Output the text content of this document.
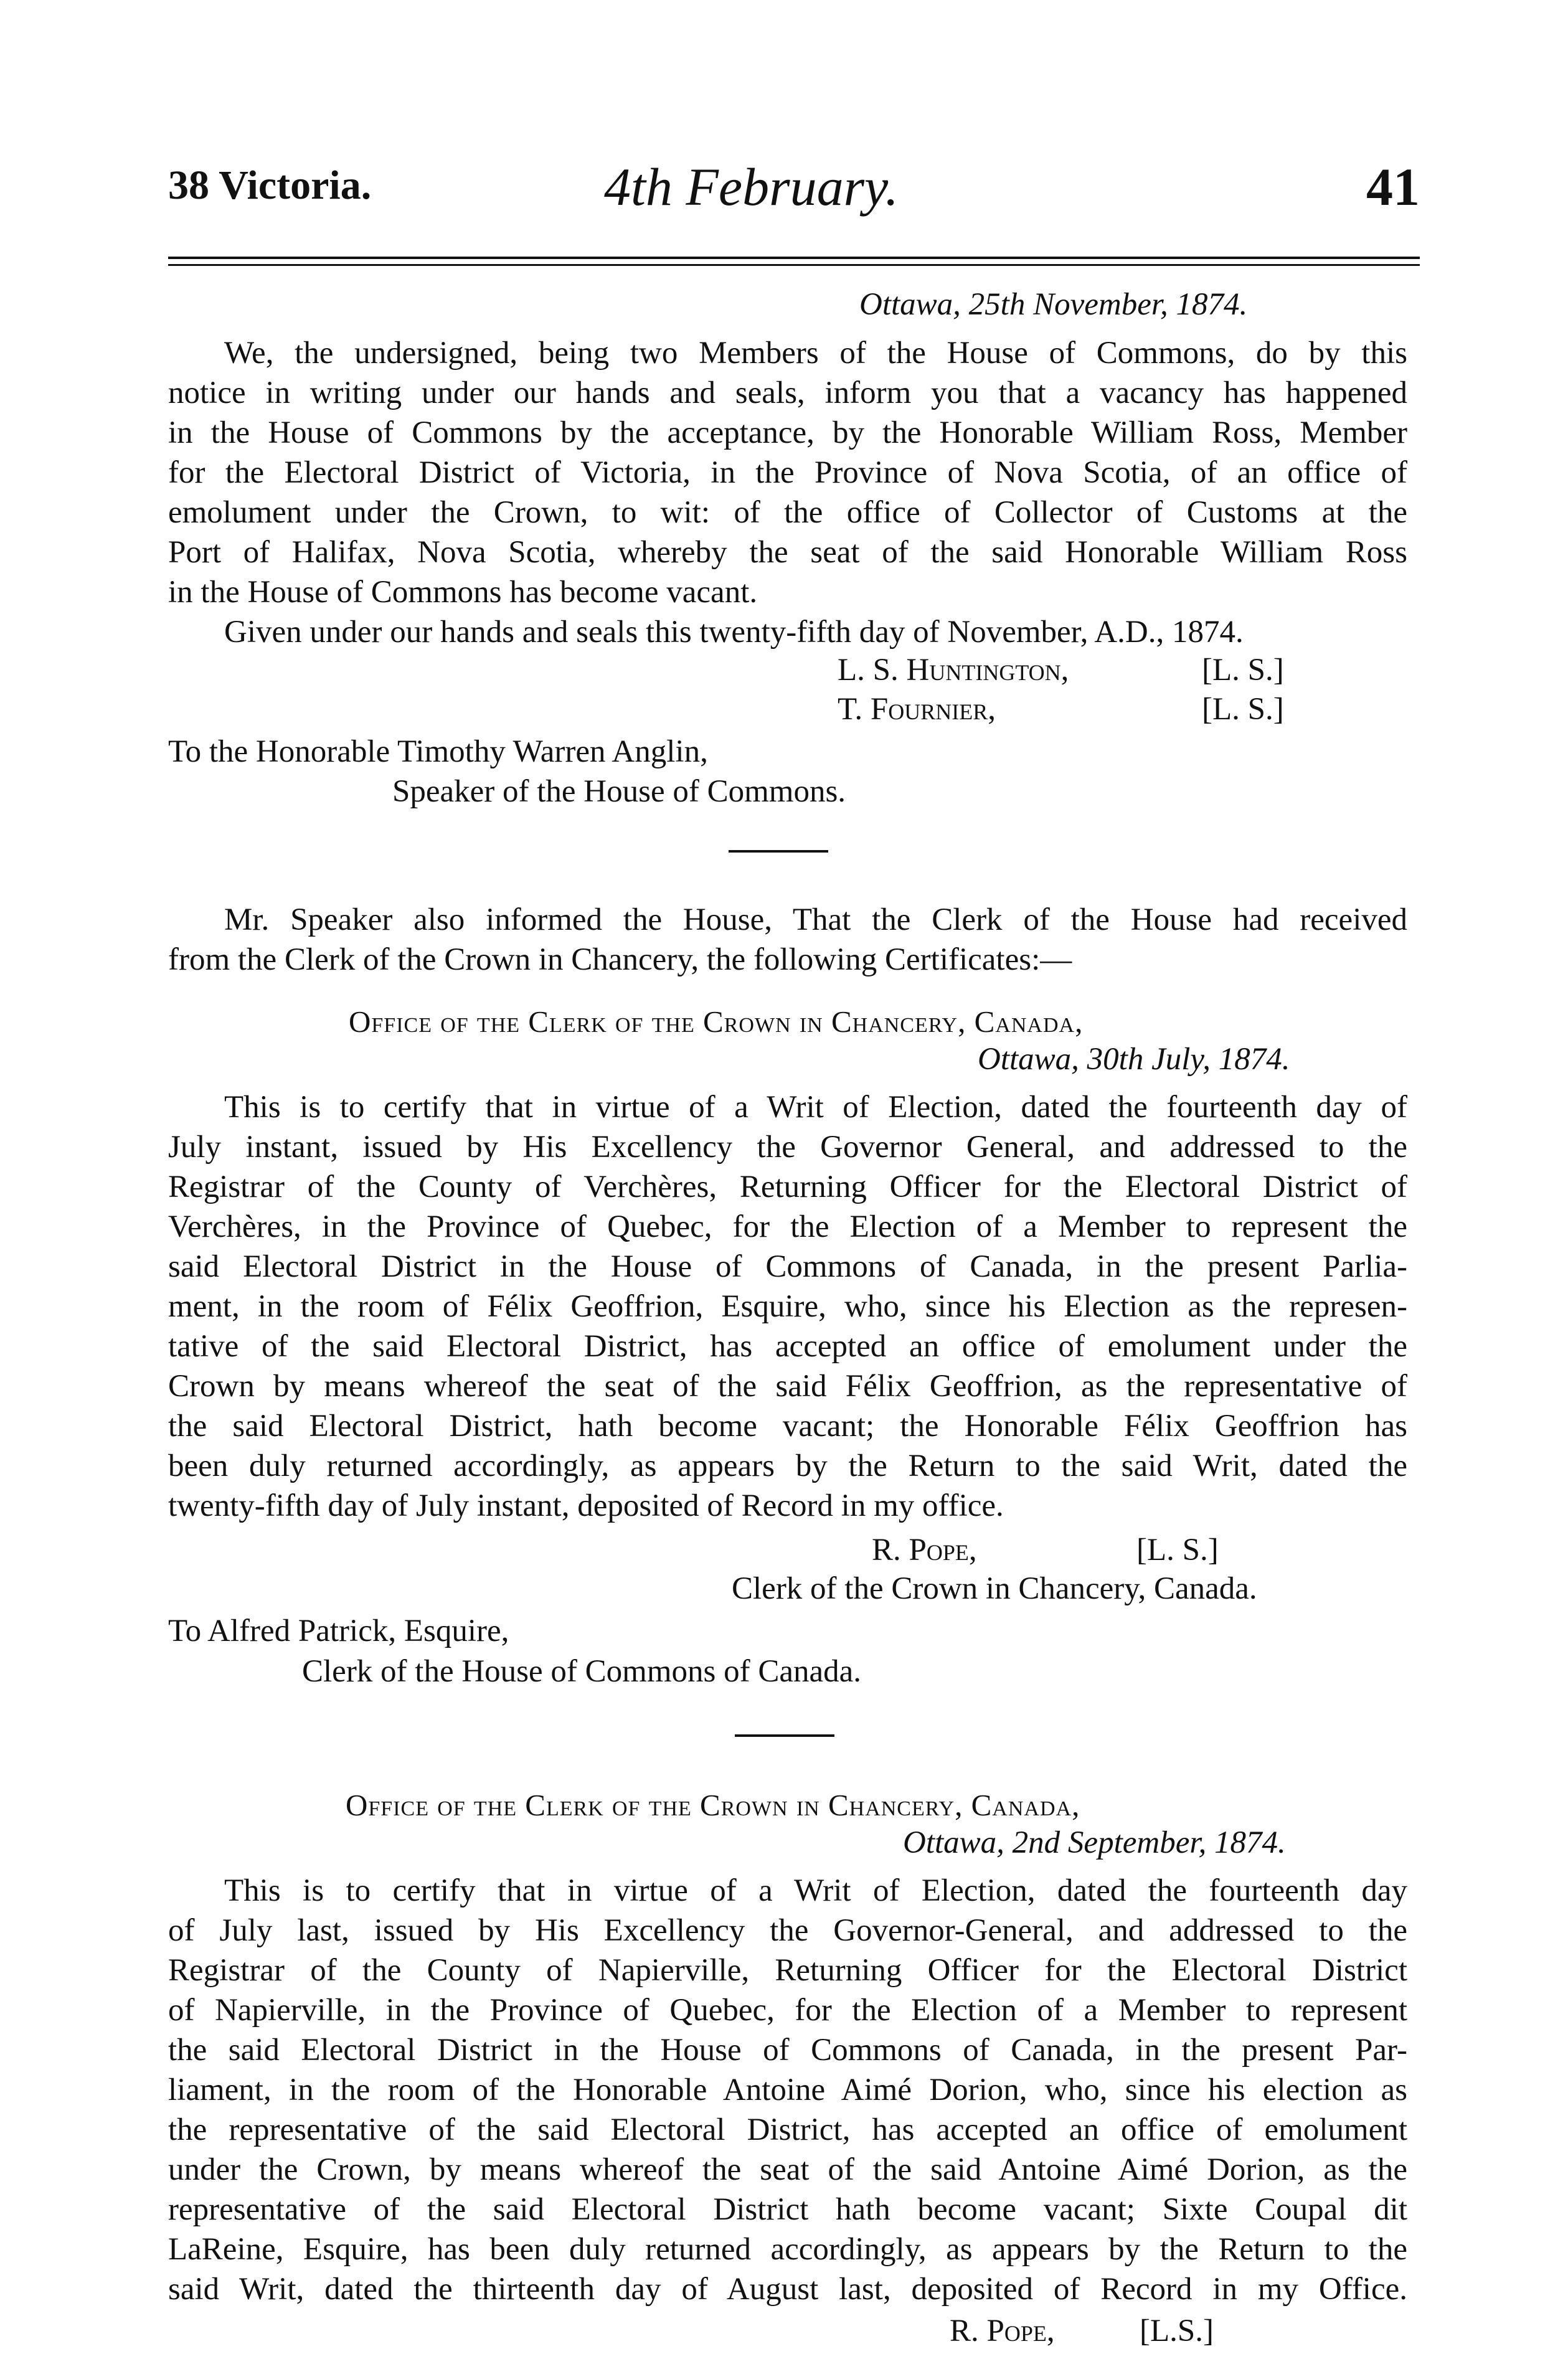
38 Victoria.	4th February.	41
Ottawa, 25th November, 1874.

We, the undersigned, being two Members of the House of Commons, do by this

notice in writing under our hands and seals, inform you that a vacancy has happened

in the House of Commons by the acceptance, by the Honorable William Ross, Member

for the Electoral District of Victoria, in the Province of Nova Scotia, of an office of

emolument under the Crown, to wit: of the office of Collector of Customs at the

Port of Halifax, Nova Scotia, whereby the seat of the said Honorable William Ross

in the House of Commons has become vacant.

Given under our hands and seals this twenty-fifth day of November, A.D., 1874.

L. S. Huntington,	[L. S.]
T. Fournier,	[L. S.]
To the Honorable Timothy Warren Anglin,
Speaker of the House of Commons.

Mr. Speaker also informed the House, That the Clerk of the House had received

from the Clerk of the Crown in Chancery, the following Certificates:—

Office of the Clerk of the Crown in Chancery, Canada,
Ottawa, 30th July, 1874.

This is to certify that in virtue of a Writ of Election, dated the fourteenth day of

July instant, issued by His Excellency the Governor General, and addressed to the

Registrar of the County of Verchères, Returning Officer for the Electoral District of

Verchères, in the Province of Quebec, for the Election of a Member to represent the

said Electoral District in the House of Commons of Canada, in the present Parlia-

ment, in the room of Félix Geoffrion, Esquire, who, since his Election as the represen-

tative of the said Electoral District, has accepted an office of emolument under the

Crown by means whereof the seat of the said Félix Geoffrion, as the representative of

the said Electoral District, hath become vacant; the Honorable Félix Geoffrion has

been duly returned accordingly, as appears by the Return to the said Writ, dated the

twenty-fifth day of July instant, deposited of Record in my office.

R. Pope,	[L. S.]
Clerk of the Crown in Chancery, Canada.
To Alfred Patrick, Esquire,
Clerk of the House of Commons of Canada.
Office of the Clerk of the Crown in Chancery, Canada,
Ottawa, 2nd September, 1874.

This is to certify that in virtue of a Writ of Election, dated the fourteenth day

of July last, issued by His Excellency the Governor-General, and addressed to the

Registrar of the County of Napierville, Returning Officer for the Electoral District

of Napierville, in the Province of Quebec, for the Election of a Member to represent

the said Electoral District in the House of Commons of Canada, in the present Par-

liament, in the room of the Honorable Antoine Aimé Dorion, who, since his election as

the representative of the said Electoral District, has accepted an office of emolument

under the Crown, by means whereof the seat of the said Antoine Aimé Dorion, as the

representative of the said Electoral District hath become vacant; Sixte Coupal dit

LaReine, Esquire, has been duly returned accordingly, as appears by the Return to the

said Writ, dated the thirteenth day of August last, deposited of Record in my Office.

R. Pope,	[L.S.]
